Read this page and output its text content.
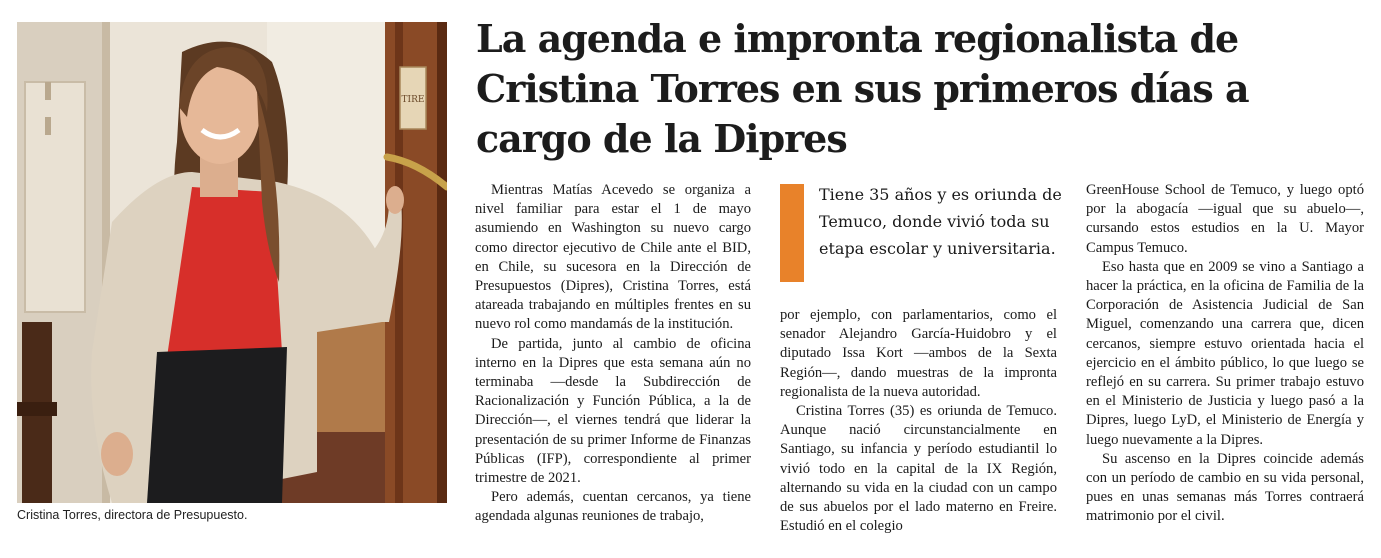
TIRE
Cristina Torres, directora de Presupuesto.
La agenda e impronta regionalista de Cristina Torres en sus primeros días a cargo de la Dipres

Mientras Matías Acevedo se organiza a nivel familiar para estar el 1 de mayo asumiendo en Washington su nuevo cargo como director ejecutivo de Chile ante el BID, en Chile, su sucesora en la Dirección de Presupuestos (Dipres), Cristina Torres, está atareada trabajando en múltiples frentes en su nuevo rol como mandamás de la institución.

De partida, junto al cambio de oficina interno en la Dipres que esta semana aún no terminaba —desde la Subdirección de Racionalización y Función Pública, a la de Dirección—, el viernes tendrá que liderar la presentación de su primer Informe de Finanzas Públicas (IFP), correspondiente al primer trimestre de 2021.

Pero además, cuentan cercanos, ya tiene agendada algunas reuniones de trabajo,

Tiene 35 años y es oriunda de Temuco, donde vivió toda su etapa escolar y universitaria.

por ejemplo, con parlamentarios, como el senador Alejandro García-Huidobro y el diputado Issa Kort —ambos de la Sexta Región—, dando muestras de la impronta regionalista de la nueva autoridad.

Cristina Torres (35) es oriunda de Temuco. Aunque nació circunstancialmente en Santiago, su infancia y período estudiantil lo vivió todo en la capital de la IX Región, alternando su vida en la ciudad con un campo de sus abuelos por el lado materno en Freire. Estudió en el colegio

GreenHouse School de Temuco, y luego optó por la abogacía —igual que su abuelo—, cursando estos estudios en la U. Mayor Campus Temuco.

Eso hasta que en 2009 se vino a Santiago a hacer la práctica, en la oficina de Familia de la Corporación de Asistencia Judicial de San Miguel, comenzando una carrera que, dicen cercanos, siempre estuvo orientada hacia el ejercicio en el ámbito público, lo que luego se reflejó en su carrera. Su primer trabajo estuvo en el Ministerio de Justicia y luego pasó a la Dipres, luego LyD, el Ministerio de Energía y luego nuevamente a la Dipres.

Su ascenso en la Dipres coincide además con un período de cambio en su vida personal, pues en unas semanas más Torres contraerá matrimonio por el civil.
